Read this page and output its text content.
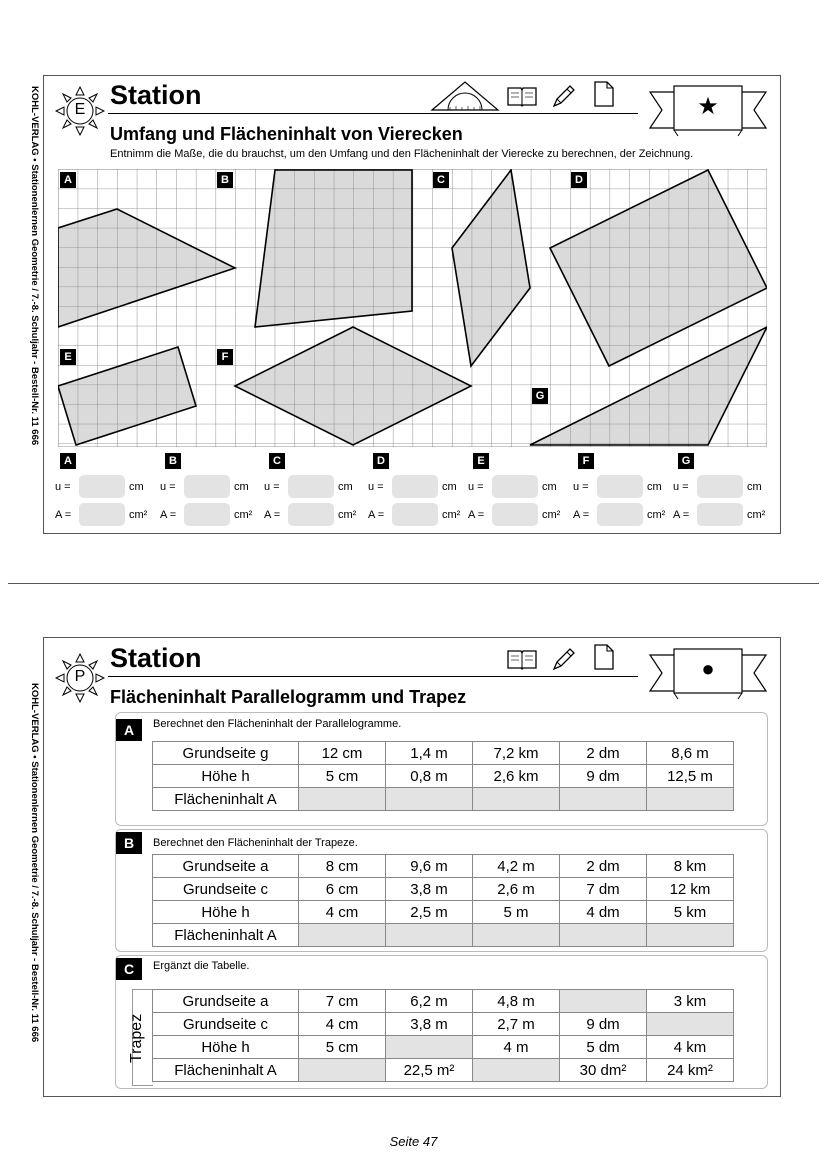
KOHL-VERLAG • Stationenlernen Geometrie / 7.-8. Schuljahr - Bestell-Nr. 11 666	E Station
Umfang und Flächeninhalt von Vierecken
Entnimm die Maße, die du brauchst, um den Umfang und den Flächeninhalt der Vierecke zu berechnen, der Zeichnung.
★
A	B	C	D
E	F
G
A
u =	cm
A =	cm²
B
u =	cm
A =	cm²
C
u =	cm
A =	cm²
D
u =	cm
A =	cm²
E
u =	cm
A =	cm²
F
u =	cm
A =	cm²
G
u =	cm
A =	cm²
KOHL-VERLAG • Stationenlernen Geometrie / 7.-8. Schuljahr - Bestell-Nr. 11 666
P
Station
Flächeninhalt Parallelogramm und Trapez
●
A	Berechnet den Flächeninhalt der Parallelogramme.
Grundseite g	12 cm	1,4 m	7,2 km	2 dm	8,6 m
Höhe h	5 cm	0,8 m	2,6 km	9 dm	12,5 m
Flächeninhalt A					
B	Berechnet den Flächeninhalt der Trapeze.
Grundseite a	8 cm	9,6 m	4,2 m	2 dm	8 km
Grundseite c	6 cm	3,8 m	2,6 m	7 dm	12 km
Höhe h	4 cm	2,5 m	5 m	4 dm	5 km
Flächeninhalt A					
C	Ergänzt die Tabelle.
Trapez
Grundseite a	7 cm	6,2 m	4,8 m		3 km
Grundseite c	4 cm	3,8 m	2,7 m	9 dm	
Höhe h	5 cm		4 m	5 dm	4 km
Flächeninhalt A		22,5 m²		30 dm²	24 km²
Seite 47
